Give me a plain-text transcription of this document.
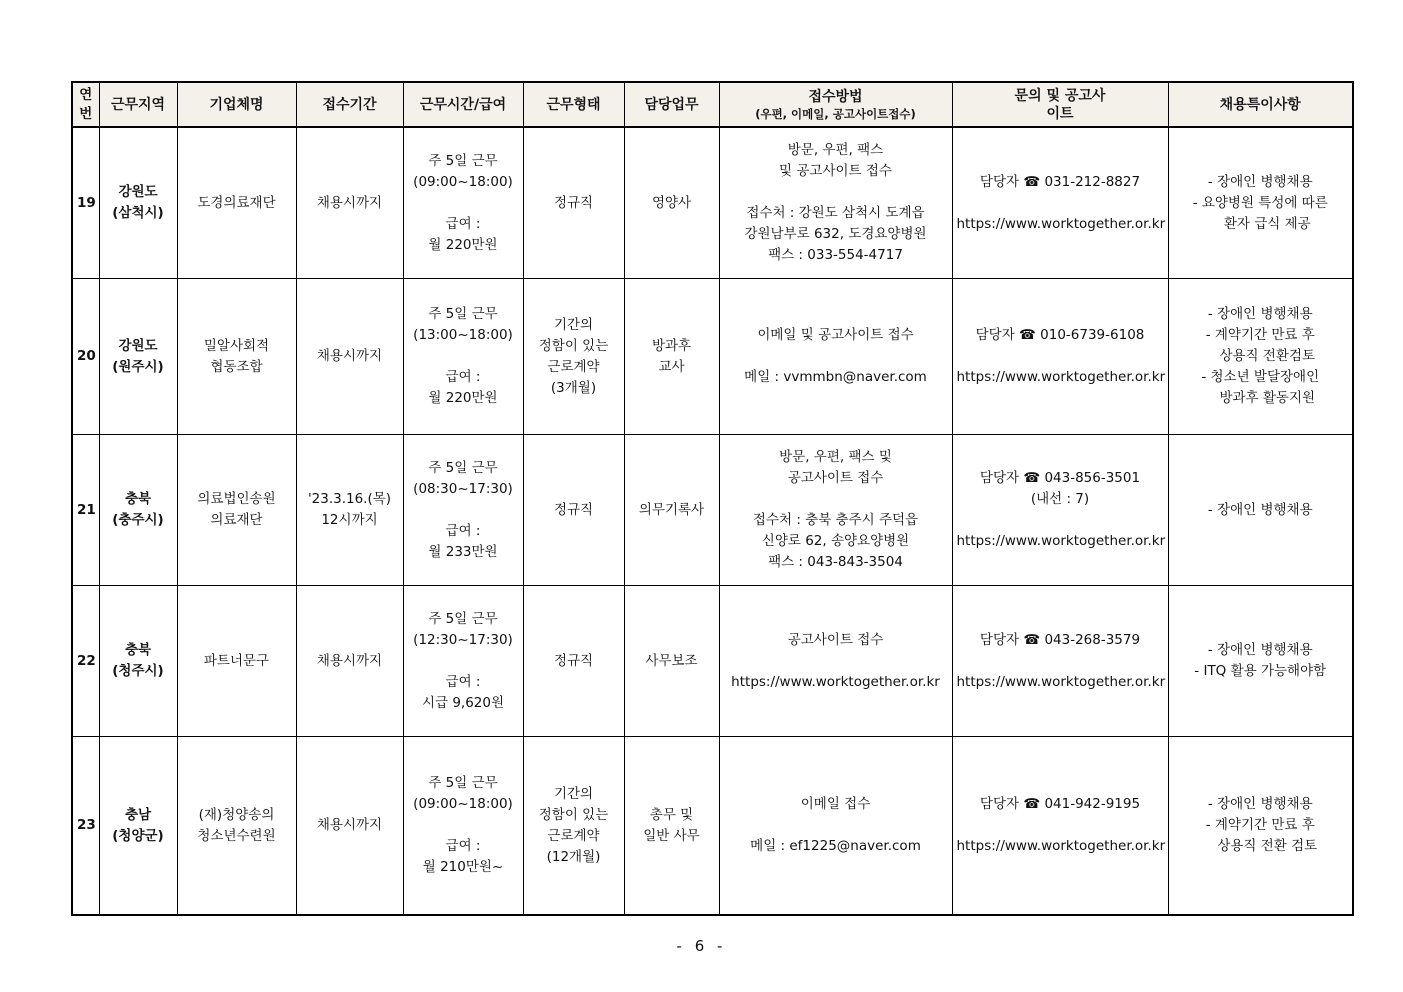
연번	근무지역	기업체명	접수기간	근무시간/급여	근무형태	담당업무	접수방법
(우편, 이메일, 공고사이트접수)	문의 및 공고사이트	채용특이사항
19	강원도
(삼척시)	도경의료재단	채용시까지	주 5일 근무
(09:00~18:00)
급여 :
월 220만원	정규직	영양사	방문, 우편, 팩스
및 공고사이트 접수
접수처 : 강원도 삼척시 도계읍
강원남부로 632, 도경요양병원
팩스 : 033-554-4717	담당자 ☎ 031-212-8827
https://www.worktogether.or.kr	- 장애인 병행채용
- 요양병원 특성에 따른
환자 급식 제공

20	강원도
(원주시)	밀알사회적
협동조합	채용시까지	주 5일 근무
(13:00~18:00)
급여 :
월 220만원	기간의
정함이 있는
근로계약
(3개월)	방과후
교사	이메일 및 공고사이트 접수
메일 : vvmmbn@naver.com	담당자 ☎ 010-6739-6108
https://www.worktogether.or.kr	- 장애인 병행채용
- 계약기간 만료 후
상용직 전환검토
- 청소년 발달장애인
방과후 활동지원

21	충북
(충주시)	의료법인송원
의료재단	'23.3.16.(목)
12시까지	주 5일 근무
(08:30~17:30)
급여 :
월 233만원	정규직	의무기록사	방문, 우편, 팩스 및
공고사이트 접수
접수처 : 충북 충주시 주덕읍
신양로 62, 송양요양병원
팩스 : 043-843-3504	담당자 ☎ 043-856-3501
(내선 : 7)
https://www.worktogether.or.kr	- 장애인 병행채용

22	충북
(청주시)	파트너문구	채용시까지	주 5일 근무
(12:30~17:30)
급여 :
시급 9,620원	정규직	사무보조	공고사이트 접수
https://www.worktogether.or.kr	담당자 ☎ 043-268-3579
https://www.worktogether.or.kr	- 장애인 병행채용
- ITQ 활용 가능해야함

23	충남
(청양군)	(재)청양송의
청소년수련원	채용시까지	주 5일 근무
(09:00~18:00)
급여 :
월 210만원~	기간의
정함이 있는
근로계약
(12개월)	총무 및
일반 사무	이메일 접수
메일 : ef1225@naver.com	담당자 ☎ 041-942-9195
https://www.worktogether.or.kr	- 장애인 병행채용
- 계약기간 만료 후
상용직 전환 검토
- 6 -
